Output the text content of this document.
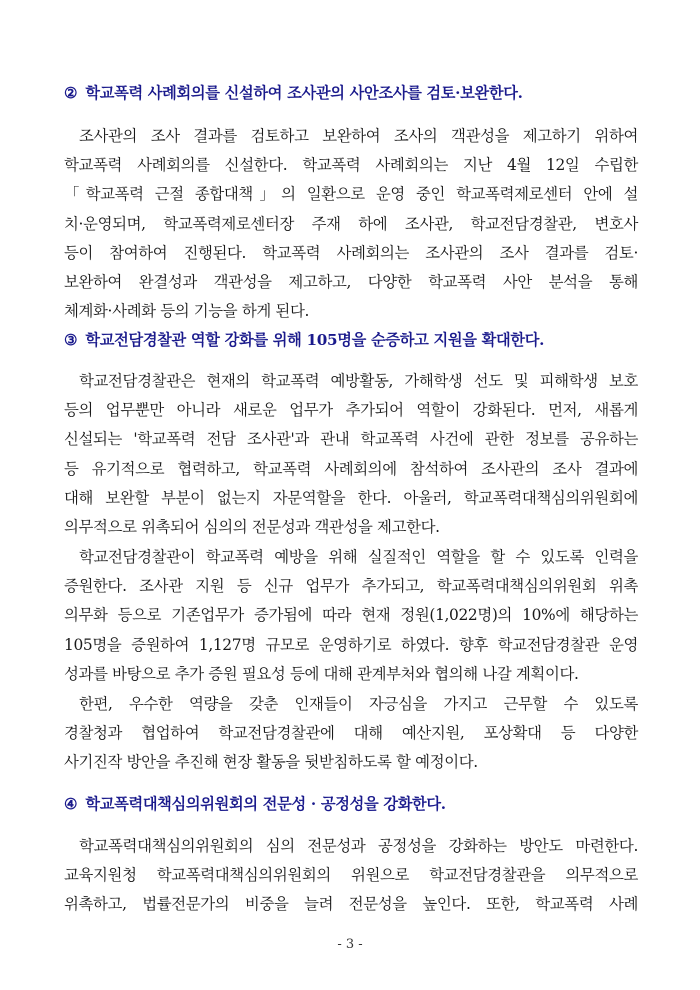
② 학교폭력 사례회의를 신설하여 조사관의 사안조사를 검토·보완한다.
조사관의 조사 결과를 검토하고 보완하여 조사의 객관성을 제고하기 위하여
학교폭력 사례회의를 신설한다. 학교폭력 사례회의는 지난 4월 12일 수립한
「학교폭력 근절 종합대책」의 일환으로 운영 중인 학교폭력제로센터 안에 설
치·운영되며, 학교폭력제로센터장 주재 하에 조사관, 학교전담경찰관, 변호사
등이 참여하여 진행된다. 학교폭력 사례회의는 조사관의 조사 결과를 검토·
보완하여 완결성과 객관성을 제고하고, 다양한 학교폭력 사안 분석을 통해
체계화·사례화 등의 기능을 하게 된다.
③ 학교전담경찰관 역할 강화를 위해 105명을 순증하고 지원을 확대한다.
학교전담경찰관은 현재의 학교폭력 예방활동, 가해학생 선도 및 피해학생 보호
등의 업무뿐만 아니라 새로운 업무가 추가되어 역할이 강화된다. 먼저, 새롭게
신설되는 '학교폭력 전담 조사관'과 관내 학교폭력 사건에 관한 정보를 공유하는
등 유기적으로 협력하고, 학교폭력 사례회의에 참석하여 조사관의 조사 결과에
대해 보완할 부분이 없는지 자문역할을 한다. 아울러, 학교폭력대책심의위원회에
의무적으로 위촉되어 심의의 전문성과 객관성을 제고한다.
학교전담경찰관이 학교폭력 예방을 위해 실질적인 역할을 할 수 있도록 인력을
증원한다. 조사관 지원 등 신규 업무가 추가되고, 학교폭력대책심의위원회 위촉
의무화 등으로 기존업무가 증가됨에 따라 현재 정원(1,022명)의 10%에 해당하는
105명을 증원하여 1,127명 규모로 운영하기로 하였다. 향후 학교전담경찰관 운영
성과를 바탕으로 추가 증원 필요성 등에 대해 관계부처와 협의해 나갈 계획이다.
한편, 우수한 역량을 갖춘 인재들이 자긍심을 가지고 근무할 수 있도록
경찰청과 협업하여 학교전담경찰관에 대해 예산지원, 포상확대 등 다양한
사기진작 방안을 추진해 현장 활동을 뒷받침하도록 할 예정이다.
④ 학교폭력대책심의위원회의 전문성 · 공정성을 강화한다.
학교폭력대책심의위원회의 심의 전문성과 공정성을 강화하는 방안도 마련한다.
교육지원청 학교폭력대책심의위원회의 위원으로 학교전담경찰관을 의무적으로
위촉하고, 법률전문가의 비중을 늘려 전문성을 높인다. 또한, 학교폭력 사례
- 3 -
